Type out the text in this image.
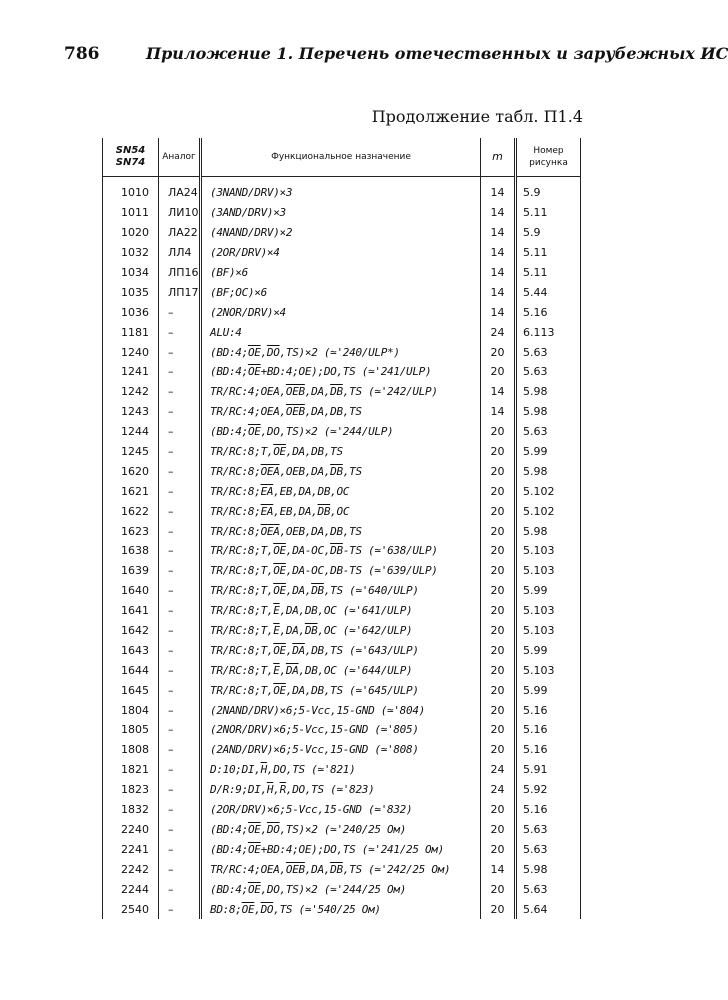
786	Приложение 1. Перечень отечественных и зарубежных ИС
Продолжение табл. П1.4
SN54
SN74	Аналог	Функциональное назначение	m	Номер
рисунка
1010	ЛА24	(3NAND/DRV)×3	14	5.9
1011	ЛИ10	(3AND/DRV)×3	14	5.11
1020	ЛА22	(4NAND/DRV)×2	14	5.9
1032	ЛЛ4	(2OR/DRV)×4	14	5.11
1034	ЛП16	(BF)×6	14	5.11
1035	ЛП17	(BF;OC)×6	14	5.44
1036	–	(2NOR/DRV)×4	14	5.16
1181	–	ALU:4	24	6.113
1240	–	$(BD:4;\overline{OE},\overline{DO},TS)\times 2$ (≃'240/ULP*)	20	5.63
1241	–	$(BD:4;\overline{OE}+BD:4;OE);DO,TS$ (≃'241/ULP)	20	5.63
1242	–	$TR/RC:4;OEA,\overline{OEB},DA,\overline{DB},TS$ (≃'242/ULP)	14	5.98
1243	–	$TR/RC:4;OEA,\overline{OEB},DA,DB,TS$	14	5.98
1244	–	$(BD:4;\overline{OE},DO,TS)\times 2$ (≃'244/ULP)	20	5.63
1245	–	$TR/RC:8;T,\overline{OE},DA,DB,TS$	20	5.99
1620	–	$TR/RC:8;\overline{OEA},OEB,DA,\overline{DB},TS$	20	5.98
1621	–	$TR/RC:8;\overline{EA},EB,DA,DB,OC$	20	5.102
1622	–	$TR/RC:8;\overline{EA},EB,DA,\overline{DB},OC$	20	5.102
1623	–	$TR/RC:8;\overline{OEA},OEB,DA,DB,TS$	20	5.98
1638	–	$TR/RC:8;T,\overline{OE},DA-OC,\overline{DB}-TS$ (≃'638/ULP)	20	5.103
1639	–	$TR/RC:8;T,\overline{OE},DA-OC,DB-TS$ (≃'639/ULP)	20	5.103
1640	–	$TR/RC:8;T,\overline{OE},DA,\overline{DB},TS$ (≃'640/ULP)	20	5.99
1641	–	$TR/RC:8;T,\overline{E},DA,DB,OC$ (≃'641/ULP)	20	5.103
1642	–	$TR/RC:8;T,\overline{E},DA,\overline{DB},OC$ (≃'642/ULP)	20	5.103
1643	–	$TR/RC:8;T,\overline{OE},\overline{DA},DB,TS$ (≃'643/ULP)	20	5.99
1644	–	$TR/RC:8;T,\overline{E},\overline{DA},DB,OC$ (≃'644/ULP)	20	5.103
1645	–	$TR/RC:8;T,\overline{OE},DA,DB,TS$ (≃'645/ULP)	20	5.99
1804	–	(2NAND/DRV)×6;5-Vcc,15-GND (≃'804)	20	5.16
1805	–	(2NOR/DRV)×6;5-Vcc,15-GND (≃'805)	20	5.16
1808	–	(2AND/DRV)×6;5-Vcc,15-GND (≃'808)	20	5.16
1821	–	$D:10;DI,\overline{H},DO,TS$ (≃'821)	24	5.91
1823	–	$D/R:9;DI,\overline{H},\overline{R},DO,TS$ (≃'823)	24	5.92
1832	–	(2OR/DRV)×6;5-Vcc,15-GND (≃'832)	20	5.16
2240	–	$(BD:4;\overline{OE},\overline{DO},TS)\times 2$ (≃'240/25 Ом)	20	5.63
2241	–	$(BD:4;\overline{OE}+BD:4;OE);DO,TS$ (≃'241/25 Ом)	20	5.63
2242	–	$TR/RC:4;OEA,\overline{OEB},DA,\overline{DB},TS$ (≃'242/25 Ом)	14	5.98
2244	–	$(BD:4;\overline{OE},DO,TS)\times 2$ (≃'244/25 Ом)	20	5.63
2540	–	$BD:8;\overline{OE},\overline{DO},TS$ (≃'540/25 Ом)	20	5.64
